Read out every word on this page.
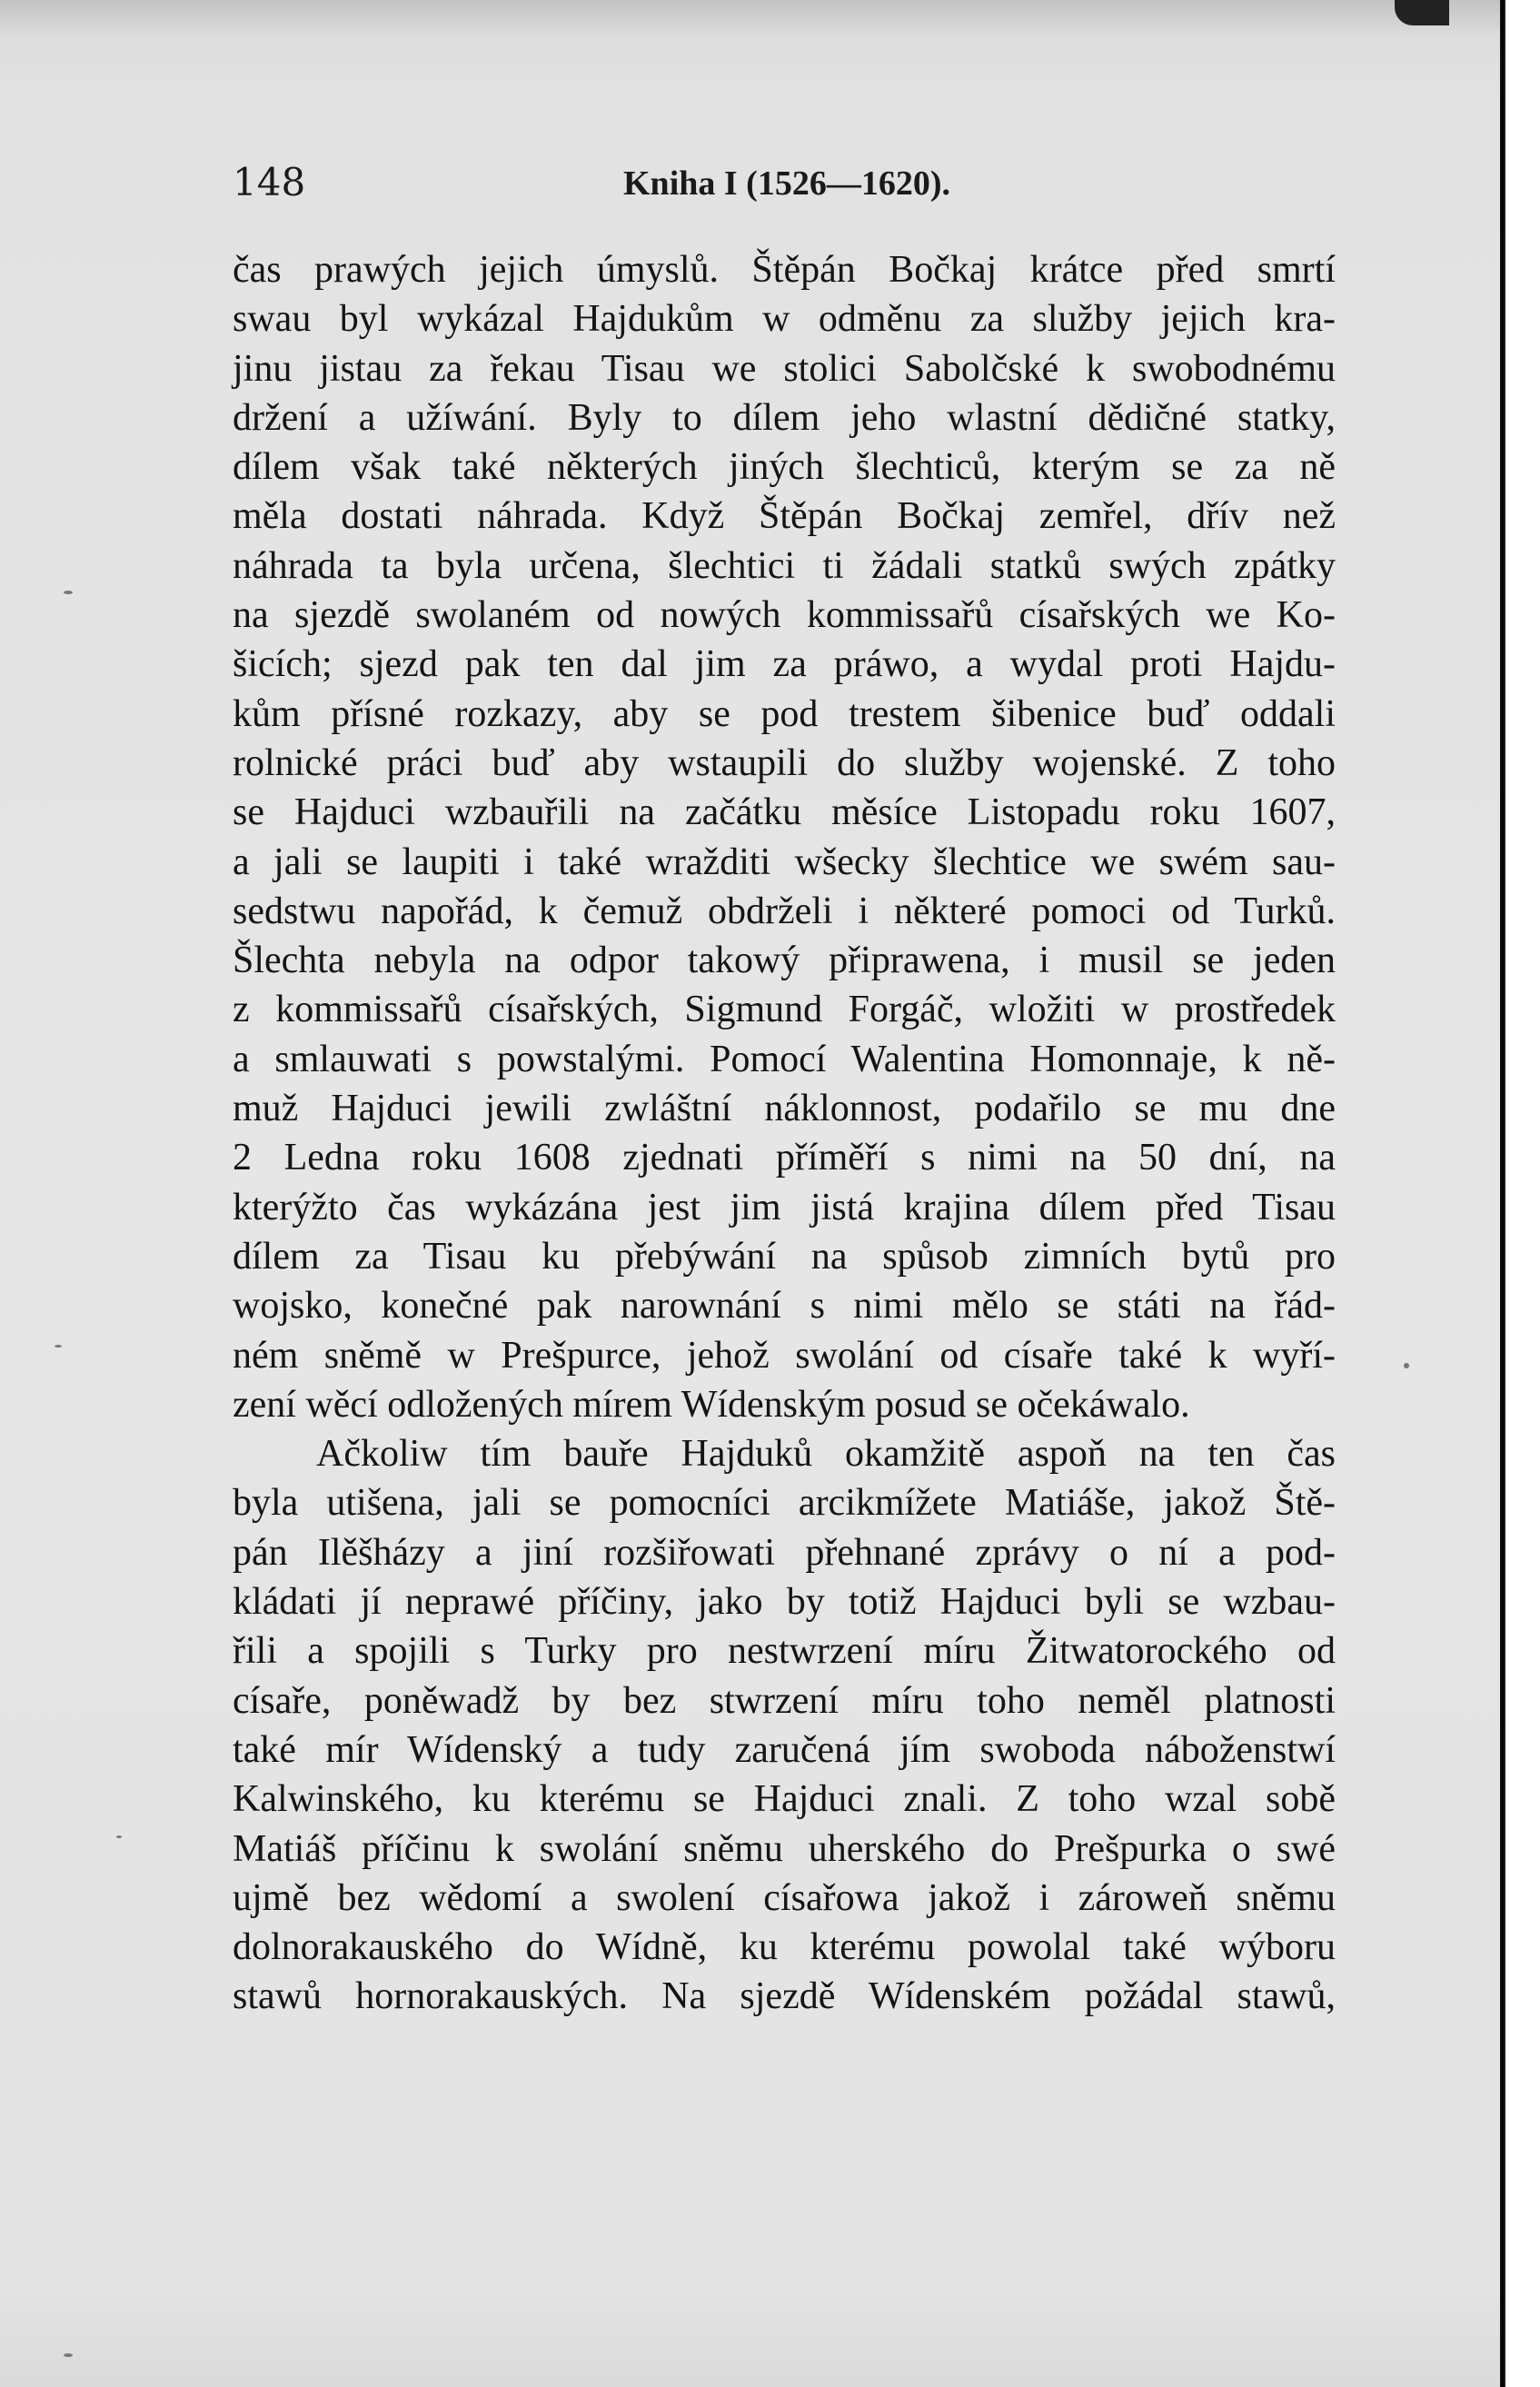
148	Kniha I (1526—1620).
čas prawých jejich úmyslů. Štěpán Bočkaj krátce před smrtí
swau byl wykázal Hajdukům w odměnu za služby jejich kra-
jinu jistau za řekau Tisau we stolici Sabolčské k swobodnému
držení a užíwání. Byly to dílem jeho wlastní dědičné statky,
dílem však také některých jiných šlechticů, kterým se za ně
měla dostati náhrada. Když Štěpán Bočkaj zemřel, dřív než
náhrada ta byla určena, šlechtici ti žádali statků swých zpátky
na sjezdě swolaném od nowých kommissařů císařských we Ko-
šicích; sjezd pak ten dal jim za práwo, a wydal proti Hajdu-
kům přísné rozkazy, aby se pod trestem šibenice buď oddali
rolnické práci buď aby wstaupili do služby wojenské. Z toho
se Hajduci wzbauřili na začátku měsíce Listopadu roku 1607,
a jali se laupiti i také wražditi wšecky šlechtice we swém sau-
sedstwu napořád, k čemuž obdrželi i některé pomoci od Turků.
Šlechta nebyla na odpor takowý připrawena, i musil se jeden
z kommissařů císařských, Sigmund Forgáč, wložiti w prostředek
a smlauwati s powstalými. Pomocí Walentina Homonnaje, k ně-
muž Hajduci jewili zwláštní náklonnost, podařilo se mu dne
2 Ledna roku 1608 zjednati příměří s nimi na 50 dní, na
kterýžto čas wykázána jest jim jistá krajina dílem před Tisau
dílem za Tisau ku přebýwání na spůsob zimních bytů pro
wojsko, konečné pak narownání s nimi mělo se státi na řád-
ném sněmě w Prešpurce, jehož swolání od císaře také k wyří-
zení wěcí odložených mírem Wídenským posud se očekáwalo.
Ačkoliw tím bauře Hajduků okamžitě aspoň na ten čas
byla utišena, jali se pomocníci arcikmížete Matiáše, jakož Ště-
pán Ilěšházy a jiní rozšiřowati přehnané zprávy o ní a pod-
kládati jí neprawé příčiny, jako by totiž Hajduci byli se wzbau-
řili a spojili s Turky pro nestwrzení míru Žitwatorockého od
císaře, poněwadž by bez stwrzení míru toho neměl platnosti
také mír Wídenský a tudy zaručená jím swoboda náboženstwí
Kalwinského, ku kterému se Hajduci znali. Z toho wzal sobě
Matiáš příčinu k swolání sněmu uherského do Prešpurka o swé
ujmě bez wědomí a swolení císařowa jakož i zároweň sněmu
dolnorakauského do Wídně, ku kterému powolal také wýboru
stawů hornorakauských. Na sjezdě Wídenském požádal stawů,
